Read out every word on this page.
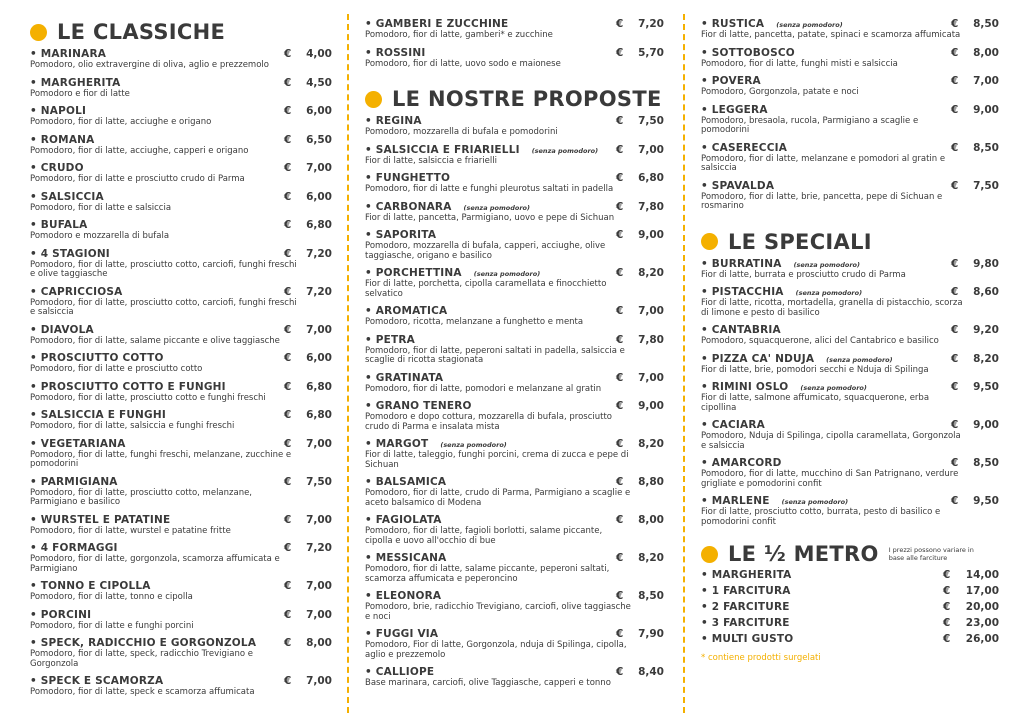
LE CLASSICHE
• MARINARA	€	4,00
Pomodoro, olio extravergine di oliva, aglio e prezzemolo
• MARGHERITA	€	4,50
Pomodoro e fior di latte
• NAPOLI	€	6,00
Pomodoro, fior di latte, acciughe e origano
• ROMANA	€	6,50
Pomodoro, fior di latte, acciughe, capperi e origano
• CRUDO	€	7,00
Pomodoro, fior di latte e prosciutto crudo di Parma
• SALSICCIA	€	6,00
Pomodoro, fior di latte e salsiccia
• BUFALA	€	6,80
Pomodoro e mozzarella di bufala
• 4 STAGIONI	€	7,20
Pomodoro, fior di latte, prosciutto cotto, carciofi, funghi freschi e olive taggiasche
• CAPRICCIOSA	€	7,20
Pomodoro, fior di latte, prosciutto cotto, carciofi, funghi freschi e salsiccia
• DIAVOLA	€	7,00
Pomodoro, fior di latte, salame piccante e olive taggiasche
• PROSCIUTTO COTTO	€	6,00
Pomodoro, fior di latte e prosciutto cotto
• PROSCIUTTO COTTO E FUNGHI	€	6,80
Pomodoro, fior di latte, prosciutto cotto e funghi freschi
• SALSICCIA E FUNGHI	€	6,80
Pomodoro, fior di latte, salsiccia e funghi freschi
• VEGETARIANA	€	7,00
Pomodoro, fior di latte, funghi freschi, melanzane, zucchine e pomodorini
• PARMIGIANA	€	7,50
Pomodoro, fior di latte, prosciutto cotto, melanzane, Parmigiano e basilico
• WURSTEL E PATATINE	€	7,00
Pomodoro, fior di latte, wurstel e patatine fritte
• 4 FORMAGGI	€	7,20
Pomodoro, fior di latte, gorgonzola, scamorza affumicata e Parmigiano
• TONNO E CIPOLLA	€	7,00
Pomodoro, fior di latte, tonno e cipolla
• PORCINI	€	7,00
Pomodoro, fior di latte e funghi porcini
• SPECK, RADICCHIO E GORGONZOLA	€	8,00
Pomodoro, fior di latte, speck, radicchio Trevigiano e Gorgonzola
• SPECK E SCAMORZA	€	7,00
Pomodoro, fior di latte, speck e scamorza affumicata
• GAMBERI E ZUCCHINE	€	7,20
Pomodoro, fior di latte, gamberi* e zucchine
• ROSSINI	€	5,70
Pomodoro, fior di latte, uovo sodo e maionese
LE NOSTRE PROPOSTE
• REGINA	€	7,50
Pomodoro, mozzarella di bufala e pomodorini
• SALSICCIA E FRIARIELLI (senza pomodoro) €	7,00
Fior di latte, salsiccia e friarielli
• FUNGHETTO	€	6,80
Pomodoro, fior di latte e funghi pleurotus saltati in padella
• CARBONARA (senza pomodoro)	€	7,80
Fior di latte, pancetta, Parmigiano, uovo e pepe di Sichuan
• SAPORITA	€	9,00
Pomodoro, mozzarella di bufala, capperi, acciughe, olive taggiasche, origano e basilico
• PORCHETTINA (senza pomodoro)	€	8,20
Fior di latte, porchetta, cipolla caramellata e finocchietto selvatico
• AROMATICA	€	7,00
Pomodoro, ricotta, melanzane a funghetto e menta
• PETRA	€	7,80
Pomodoro, fior di latte, peperoni saltati in padella, salsiccia e scaglie di ricotta stagionata
• GRATINATA	€	7,00
Pomodoro, fior di latte, pomodori e melanzane al gratin
• GRANO TENERO	€	9,00
Pomodoro e dopo cottura, mozzarella di bufala, prosciutto crudo di Parma e insalata mista
• MARGOT (senza pomodoro)	€	8,20
Fior di latte, taleggio, funghi porcini, crema di zucca e pepe di Sichuan
• BALSAMICA	€	8,80
Pomodoro, fior di latte, crudo di Parma, Parmigiano a scaglie e aceto balsamico di Modena
• FAGIOLATA	€	8,00
Pomodoro, fior di latte, fagioli borlotti, salame piccante, cipolla e uovo all'occhio di bue
• MESSICANA	€	8,20
Pomodoro, fior di latte, salame piccante, peperoni saltati, scamorza affumicata e peperoncino
• ELEONORA	€	8,50
Pomodoro, brie, radicchio Trevigiano, carciofi, olive taggiasche e noci
• FUGGI VIA	€	7,90
Pomodoro, Fior di latte, Gorgonzola, nduja di Spilinga, cipolla, aglio e prezzemolo
• CALLIOPE	€	8,40
Base marinara, carciofi, olive Taggiasche, capperi e tonno
• RUSTICA (senza pomodoro)	€	8,50
Fior di latte, pancetta, patate, spinaci e scamorza affumicata
• SOTTOBOSCO	€	8,00
Pomodoro, fior di latte, funghi misti e salsiccia
• POVERA	€	7,00
Pomodoro, Gorgonzola, patate e noci
• LEGGERA	€	9,00
Pomodoro, bresaola, rucola, Parmigiano a scaglie e pomodorini
• CASERECCIA	€	8,50
Pomodoro, fior di latte, melanzane e pomodori al gratin e salsiccia
• SPAVALDA	€	7,50
Pomodoro, fior di latte, brie, pancetta, pepe di Sichuan e rosmarino
LE SPECIALI
• BURRATINA (senza pomodoro)	€	9,80
Fior di latte, burrata e prosciutto crudo di Parma
• PISTACCHIA (senza pomodoro)	€	8,60
Fior di latte, ricotta, mortadella, granella di pistacchio, scorza di limone e pesto di basilico
• CANTABRIA	€	9,20
Pomodoro, squacquerone, alici del Cantabrico e basilico
• PIZZA CA' NDUJA (senza pomodoro)	€	8,20
Fior di latte, brie, pomodori secchi e Nduja di Spilinga
• RIMINI OSLO (senza pomodoro)	€	9,50
Fior di latte, salmone affumicato, squacquerone, erba cipollina
• CACIARA	€	9,00
Pomodoro, Nduja di Spilinga, cipolla caramellata, Gorgonzola e salsiccia
• AMARCORD	€	8,50
Pomodoro, fior di latte, mucchino di San Patrignano, verdure grigliate e pomodorini confit
• MARLENE (senza pomodoro)	€	9,50
Fior di latte, prosciutto cotto, burrata, pesto di basilico e pomodorini confit
LE ½ METRO I prezzi possono variare in base alle farciture
• MARGHERITA	€	14,00
• 1 FARCITURA	€	17,00
• 2 FARCITURE	€	20,00
• 3 FARCITURE	€	23,00
• MULTI GUSTO	€	26,00
* contiene prodotti surgelati
